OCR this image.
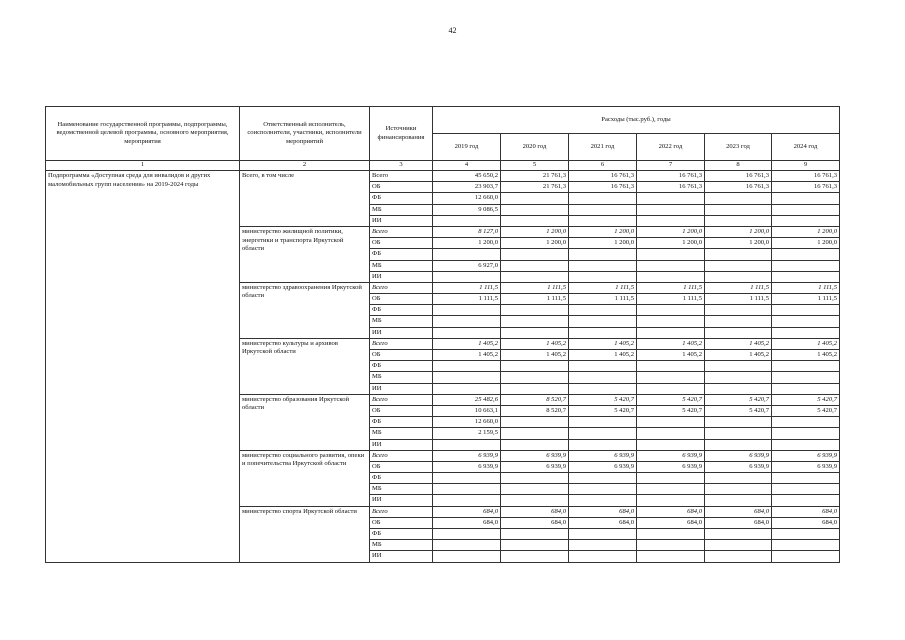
42
Наименование государственной программы, подпрограммы, ведомственной целевой программы, основного мероприятия, мероприятия	Ответственный исполнитель, соисполнители, участники, исполнители мероприятий	Источники финансирования	Расходы (тыс.руб.), годы					
			2019 год	2020 год	2021 год	2022 год	2023 год	2024 год
1	2	3	4	5	6	7	8	9
Подпрограмма «Доступная среда для инвалидов и других маломобильных групп населения» на 2019-2024 годы	Всего, в том числе	Всего	45 650,2	21 761,3	16 761,3	16 761,3	16 761,3	16 761,3
		ОБ	23 903,7	21 761,3	16 761,3	16 761,3	16 761,3	16 761,3
		ФБ	12 660,0					
		МБ	9 086,5					
		ИИ						
	министерство жилищной политики, энергетики и транспорта Иркутской области	Всего	8 127,0	1 200,0	1 200,0	1 200,0	1 200,0	1 200,0
		ОБ	1 200,0	1 200,0	1 200,0	1 200,0	1 200,0	1 200,0
		ФБ						
		МБ	6 927,0					
		ИИ						
	министерство здравоохранения Иркутской области	Всего	1 111,5	1 111,5	1 111,5	1 111,5	1 111,5	1 111,5
		ОБ	1 111,5	1 111,5	1 111,5	1 111,5	1 111,5	1 111,5
		ФБ						
		МБ						
		ИИ						
	министерство культуры и архивов Иркутской области	Всего	1 405,2	1 405,2	1 405,2	1 405,2	1 405,2	1 405,2
		ОБ	1 405,2	1 405,2	1 405,2	1 405,2	1 405,2	1 405,2
		ФБ						
		МБ						
		ИИ						
	министерство образования Иркутской области	Всего	25 482,6	8 520,7	5 420,7	5 420,7	5 420,7	5 420,7
		ОБ	10 663,1	8 520,7	5 420,7	5 420,7	5 420,7	5 420,7
		ФБ	12 660,0					
		МБ	2 159,5					
		ИИ						
	министерство социального развития, опеки и попечительства Иркутской области	Всего	6 939,9	6 939,9	6 939,9	6 939,9	6 939,9	6 939,9
		ОБ	6 939,9	6 939,9	6 939,9	6 939,9	6 939,9	6 939,9
		ФБ						
		МБ						
		ИИ						
	министерство спорта Иркутской области	Всего	684,0	684,0	684,0	684,0	684,0	684,0
		ОБ	684,0	684,0	684,0	684,0	684,0	684,0
		ФБ						
		МБ						
		ИИ						
